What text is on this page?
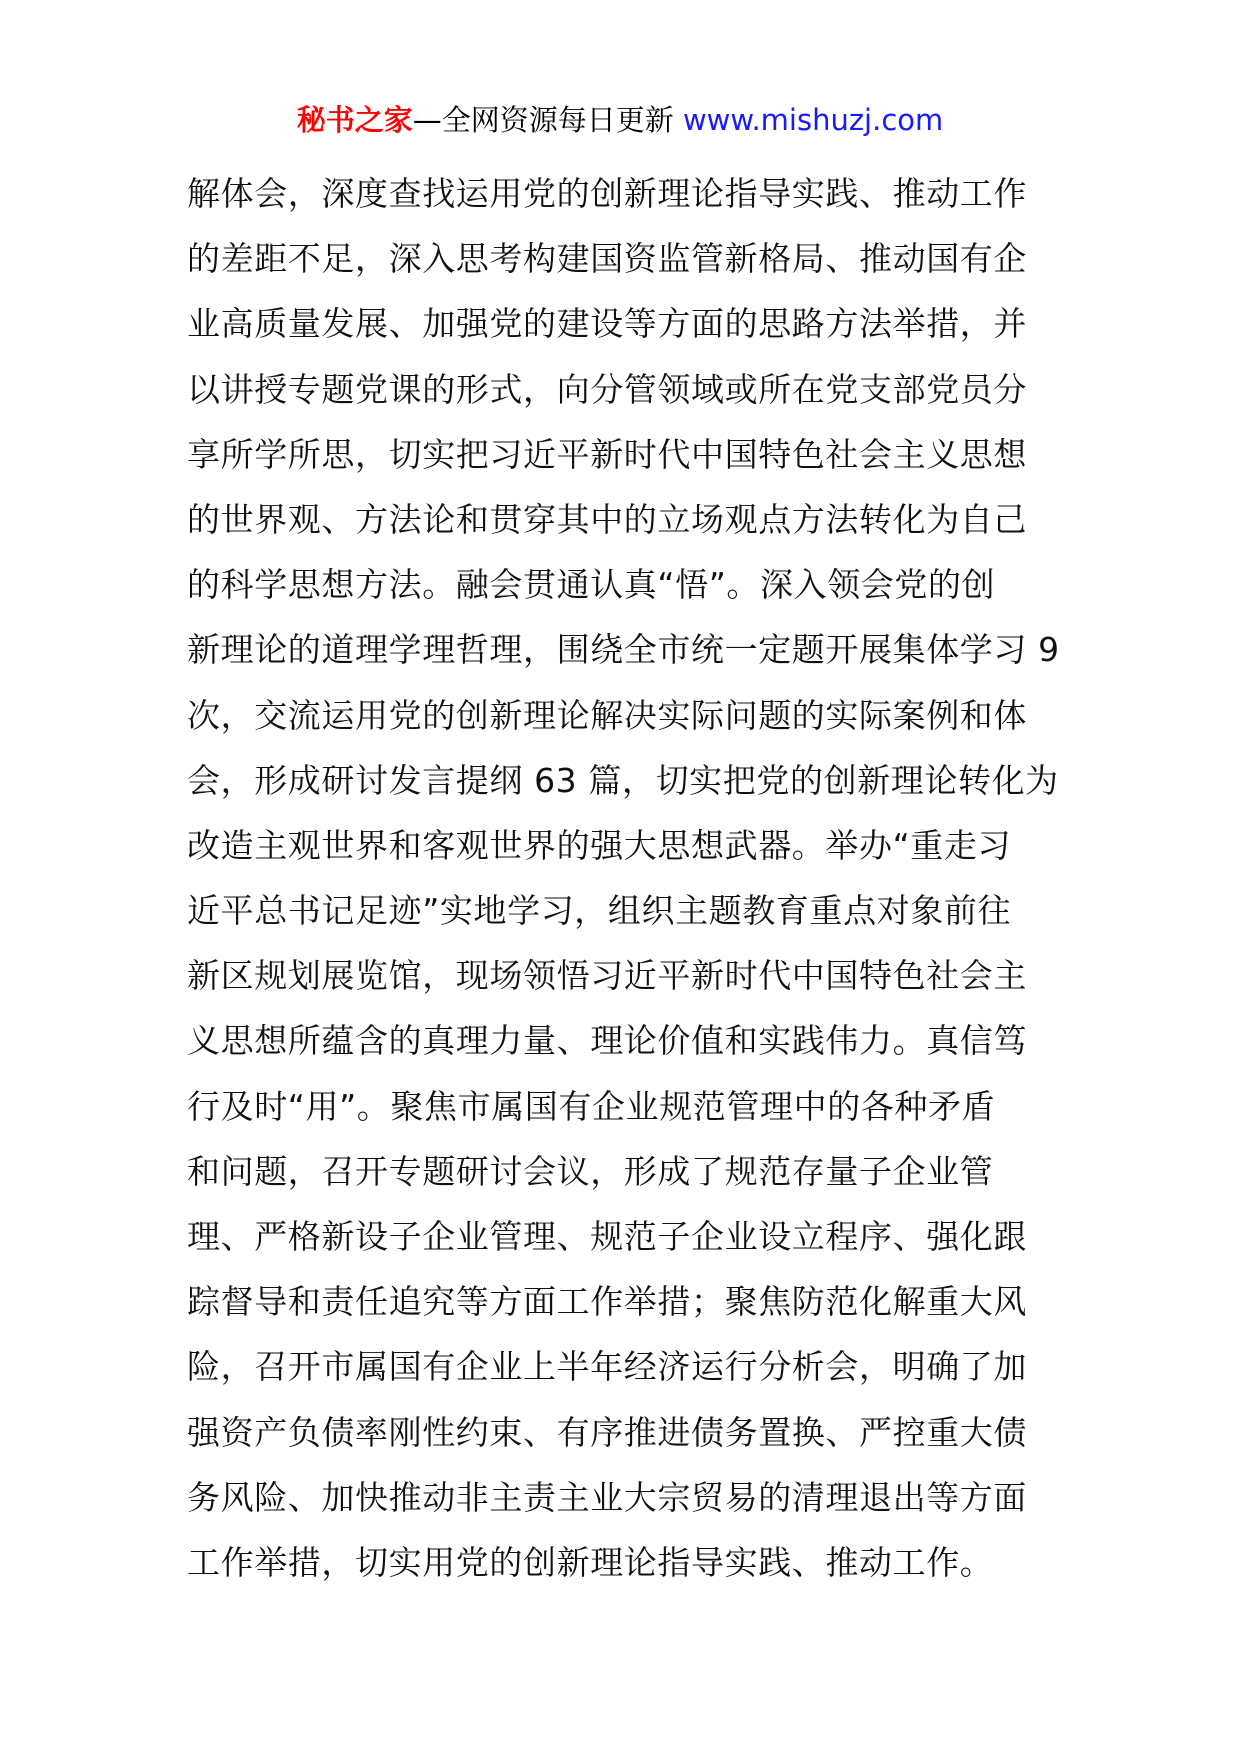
秘书之家—全网资源每日更新 www.mishuzj.com
解体会，深度查找运用党的创新理论指导实践、推动工作
的差距不足，深入思考构建国资监管新格局、推动国有企
业高质量发展、加强党的建设等方面的思路方法举措，并
以讲授专题党课的形式，向分管领域或所在党支部党员分
享所学所思，切实把习近平新时代中国特色社会主义思想
的世界观、方法论和贯穿其中的立场观点方法转化为自己
的科学思想方法。融会贯通认真“悟”。深入领会党的创
新理论的道理学理哲理，围绕全市统一定题开展集体学习 9
次，交流运用党的创新理论解决实际问题的实际案例和体
会，形成研讨发言提纲 63 篇，切实把党的创新理论转化为
改造主观世界和客观世界的强大思想武器。举办“重走习
近平总书记足迹”实地学习，组织主题教育重点对象前往
新区规划展览馆，现场领悟习近平新时代中国特色社会主
义思想所蕴含的真理力量、理论价值和实践伟力。真信笃
行及时“用”。聚焦市属国有企业规范管理中的各种矛盾
和问题，召开专题研讨会议，形成了规范存量子企业管
理、严格新设子企业管理、规范子企业设立程序、强化跟
踪督导和责任追究等方面工作举措；聚焦防范化解重大风
险，召开市属国有企业上半年经济运行分析会，明确了加
强资产负债率刚性约束、有序推进债务置换、严控重大债
务风险、加快推动非主责主业大宗贸易的清理退出等方面
工作举措，切实用党的创新理论指导实践、推动工作。
